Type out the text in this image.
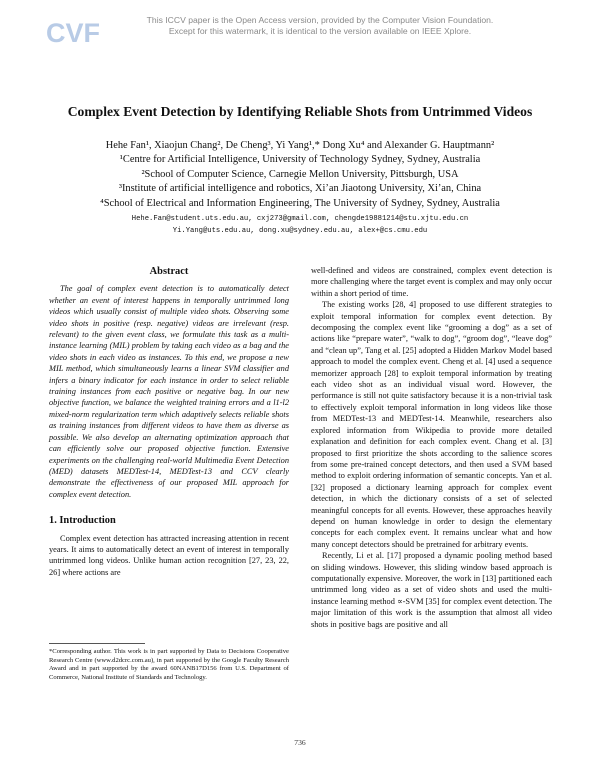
CVF	This ICCV paper is the Open Access version, provided by the Computer Vision Foundation.
Except for this watermark, it is identical to the version available on IEEE Xplore.
Complex Event Detection by Identifying Reliable Shots from Untrimmed Videos
Hehe Fan¹, Xiaojun Chang², De Cheng³, Yi Yang¹,* Dong Xu⁴ and Alexander G. Hauptmann²
¹Centre for Artificial Intelligence, University of Technology Sydney, Sydney, Australia
²School of Computer Science, Carnegie Mellon University, Pittsburgh, USA
³Institute of artificial intelligence and robotics, Xi’an Jiaotong University, Xi’an, China
⁴School of Electrical and Information Engineering, The University of Sydney, Sydney, Australia
Hehe.Fan@student.uts.edu.au, cxj273@gmail.com, chengde19881214@stu.xjtu.edu.cn
Yi.Yang@uts.edu.au, dong.xu@sydney.edu.au, alex+@cs.cmu.edu
Abstract

The goal of complex event detection is to automatically detect whether an event of interest happens in temporally untrimmed long videos which usually consist of multiple video shots. Observing some video shots in positive (resp. negative) videos are irrelevant (resp. relevant) to the given event class, we formulate this task as a multi-instance learning (MIL) problem by taking each video as a bag and the video shots in each video as instances. To this end, we propose a new MIL method, which simultaneously learns a linear SVM classifier and infers a binary indicator for each instance in order to select reliable training instances from each positive or negative bag. In our new objective function, we balance the weighted training errors and a l1-l2 mixed-norm regularization term which adaptively selects reliable shots as training instances from different videos to have them as diverse as possible. We also develop an alternating optimization approach that can efficiently solve our proposed objective function. Extensive experiments on the challenging real-world Multimedia Event Detection (MED) datasets MEDTest-14, MEDTest-13 and CCV clearly demonstrate the effectiveness of our proposed MIL approach for complex event detection.

1. Introduction

Complex event detection has attracted increasing attention in recent years. It aims to automatically detect an event of interest in temporally untrimmed long videos. Unlike human action recognition [27, 23, 22, 26] where actions are

*Corresponding author. This work is in part supported by Data to Decisions Cooperative Research Centre (www.d2dcrc.com.au), in part supported by the Google Faculty Research Award and in part supported by the award 60NANB17D156 from U.S. Department of Commerce, National Institute of Standards and Technology.

well-defined and videos are constrained, complex event detection is more challenging where the target event is complex and may only occur within a short period of time.

The existing works [28, 4] proposed to use different strategies to exploit temporal information for complex event detection. By decomposing the complex event like “grooming a dog” as a set of actions like “prepare water”, “walk to dog”, “groom dog”, “leave dog” and “clean up”, Tang et al. [25] adopted a Hidden Markov Model based approach to model the complex event. Cheng et al. [4] used a sequence memorizer approach [28] to exploit temporal information by treating each video shot as an individual visual word. However, the performance is still not quite satisfactory because it is a non-trivial task to effectively exploit temporal information in long videos like those from MEDTest-13 and MEDTest-14. Meanwhile, researchers also explored information from Wikipedia to provide more detailed explanation and definition for each complex event. Chang et al. [3] proposed to first prioritize the shots according to the salience scores from some pre-trained concept detectors, and then used a SVM based method to exploit ordering information of semantic concepts. Yan et al. [32] proposed a dictionary learning approach for complex event detection, in which the dictionary consists of a set of selected meaningful concepts for all events. However, these approaches heavily depend on human knowledge in order to design the elementary concepts for each complex event. It remains unclear what and how many concept detectors should be pretrained for arbitrary events.

Recently, Li et al. [17] proposed a dynamic pooling method based on sliding windows. However, this sliding window based approach is computationally expensive. Moreover, the work in [13] partitioned each untrimmed long video as a set of video shots and used the multi-instance learning method ∝-SVM [35] for complex event detection. The major limitation of this work is the assumption that almost all video shots in positive bags are positive and all

736
